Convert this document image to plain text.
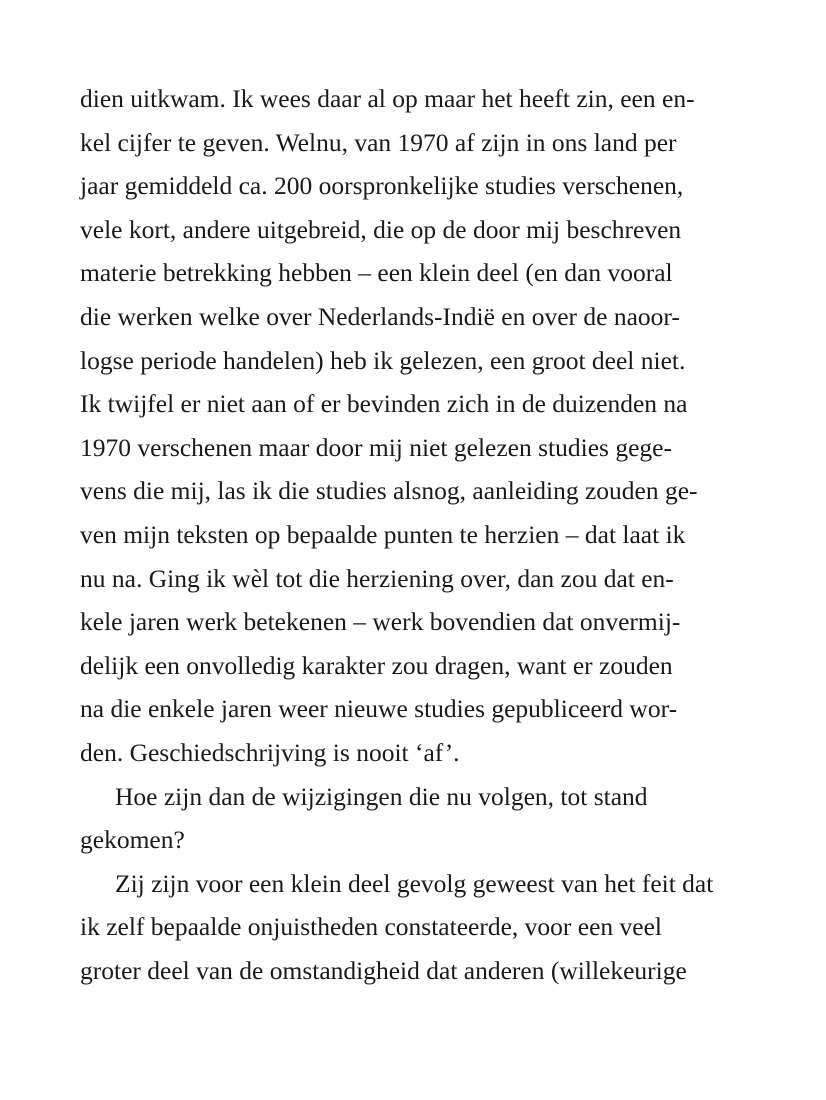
dien uitkwam. Ik wees daar al op maar het heeft zin, een en-
kel cijfer te geven. Welnu, van 1970 af zijn in ons land per
jaar gemiddeld ca. 200 oorspronkelijke studies verschenen,
vele kort, andere uitgebreid, die op de door mij beschreven
materie betrekking hebben – een klein deel (en dan vooral
die werken welke over Nederlands-Indië en over de naoor-
logse periode handelen) heb ik gelezen, een groot deel niet.
Ik twijfel er niet aan of er bevinden zich in de duizenden na
1970 verschenen maar door mij niet gelezen studies gege-
vens die mij, las ik die studies alsnog, aanleiding zouden ge-
ven mijn teksten op bepaalde punten te herzien – dat laat ik
nu na. Ging ik wèl tot die herziening over, dan zou dat en-
kele jaren werk betekenen – werk bovendien dat onvermij-
delijk een onvolledig karakter zou dragen, want er zouden
na die enkele jaren weer nieuwe studies gepubliceerd wor-
den. Geschiedschrijving is nooit ‘af’.
Hoe zijn dan de wijzigingen die nu volgen, tot stand
gekomen?
Zij zijn voor een klein deel gevolg geweest van het feit dat
ik zelf bepaalde onjuistheden constateerde, voor een veel
groter deel van de omstandigheid dat anderen (willekeurige
